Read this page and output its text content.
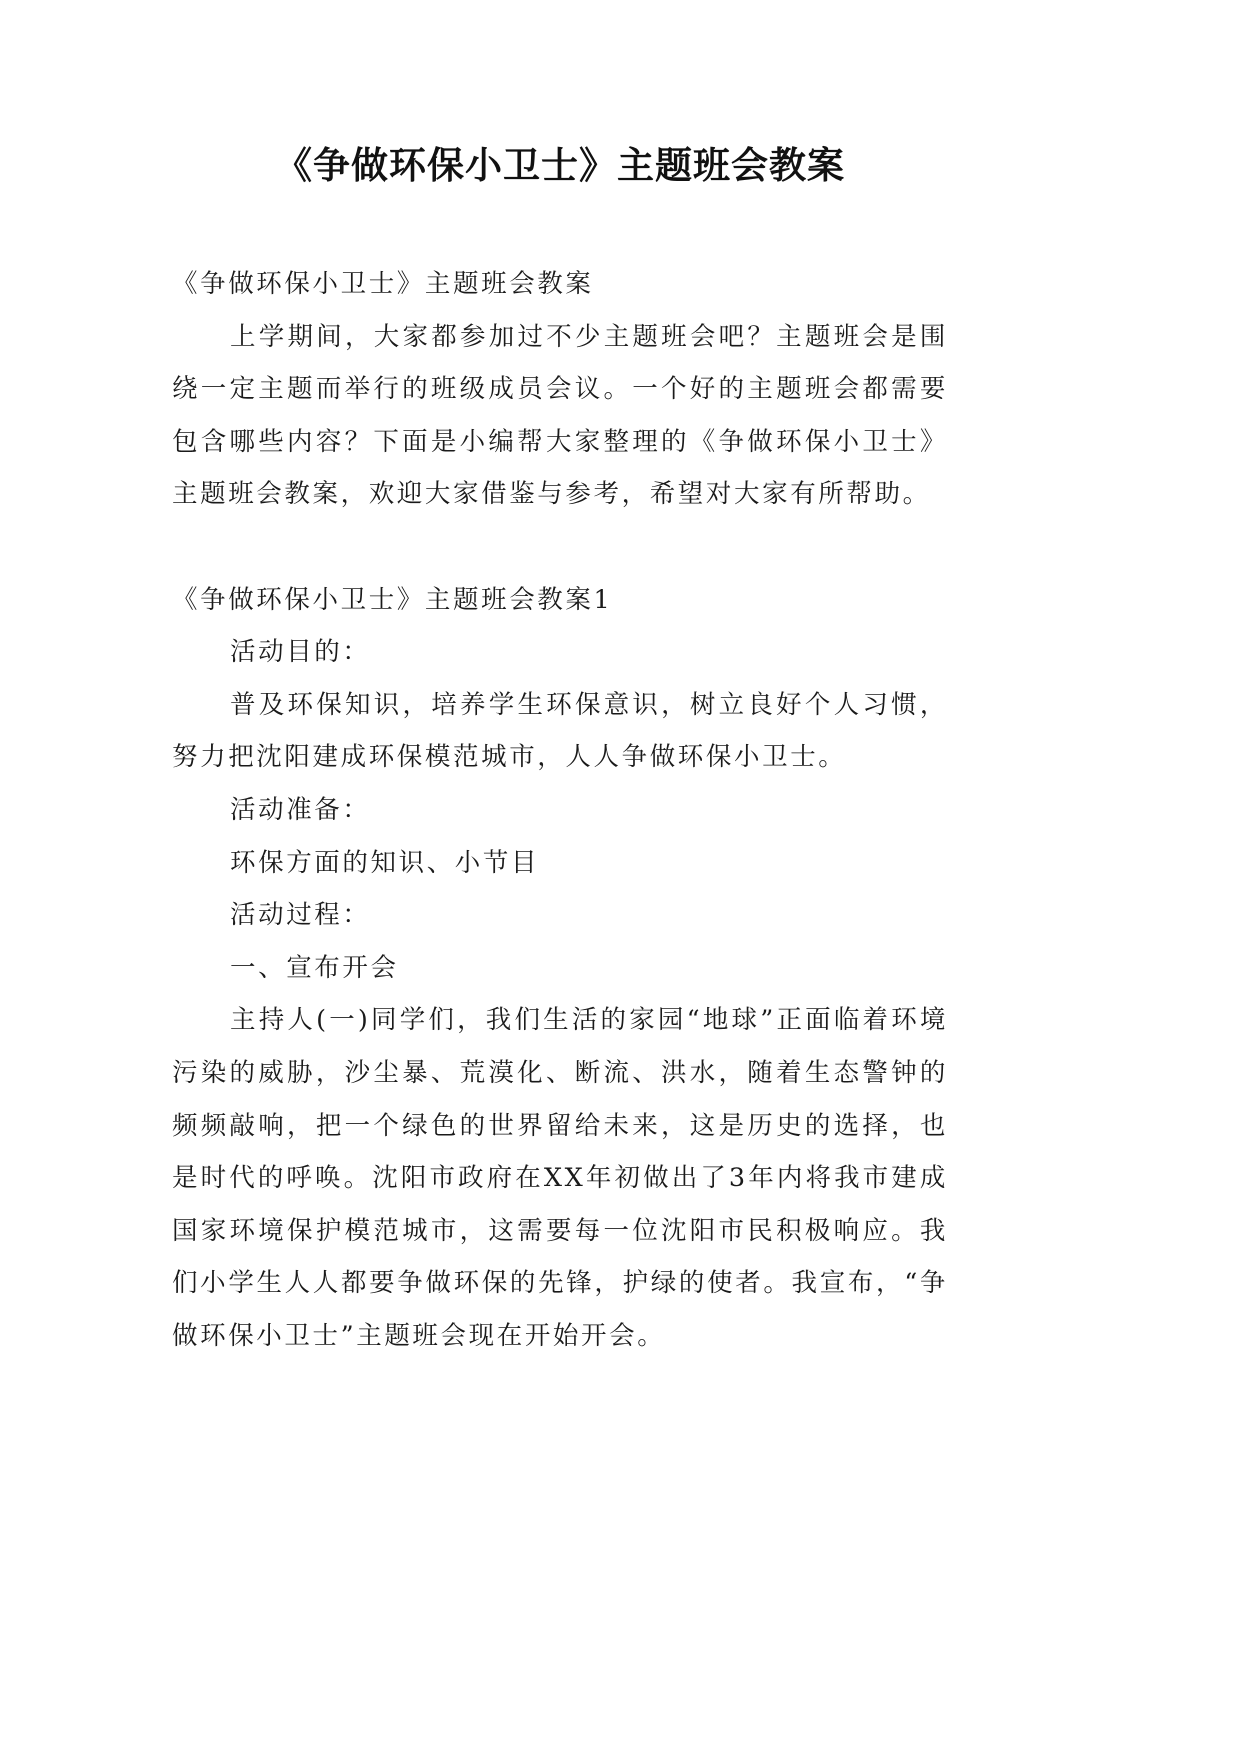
《争做环保小卫士》主题班会教案

《争做环保小卫士》主题班会教案

上学期间，大家都参加过不少主题班会吧？主题班会是围绕一定主题而举行的班级成员会议。一个好的主题班会都需要包含哪些内容？下面是小编帮大家整理的《争做环保小卫士》主题班会教案，欢迎大家借鉴与参考，希望对大家有所帮助。

《争做环保小卫士》主题班会教案1

活动目的：

普及环保知识，培养学生环保意识，树立良好个人习惯，努力把沈阳建成环保模范城市，人人争做环保小卫士。

活动准备：

环保方面的知识、小节目

活动过程：

一、宣布开会

主持人(一)同学们，我们生活的家园“地球”正面临着环境污染的威胁，沙尘暴、荒漠化、断流、洪水，随着生态警钟的频频敲响，把一个绿色的世界留给未来，这是历史的选择，也是时代的呼唤。沈阳市政府在XX年初做出了3年内将我市建成国家环境保护模范城市，这需要每一位沈阳市民积极响应。我们小学生人人都要争做环保的先锋，护绿的使者。我宣布，“争做环保小卫士”主题班会现在开始开会。
